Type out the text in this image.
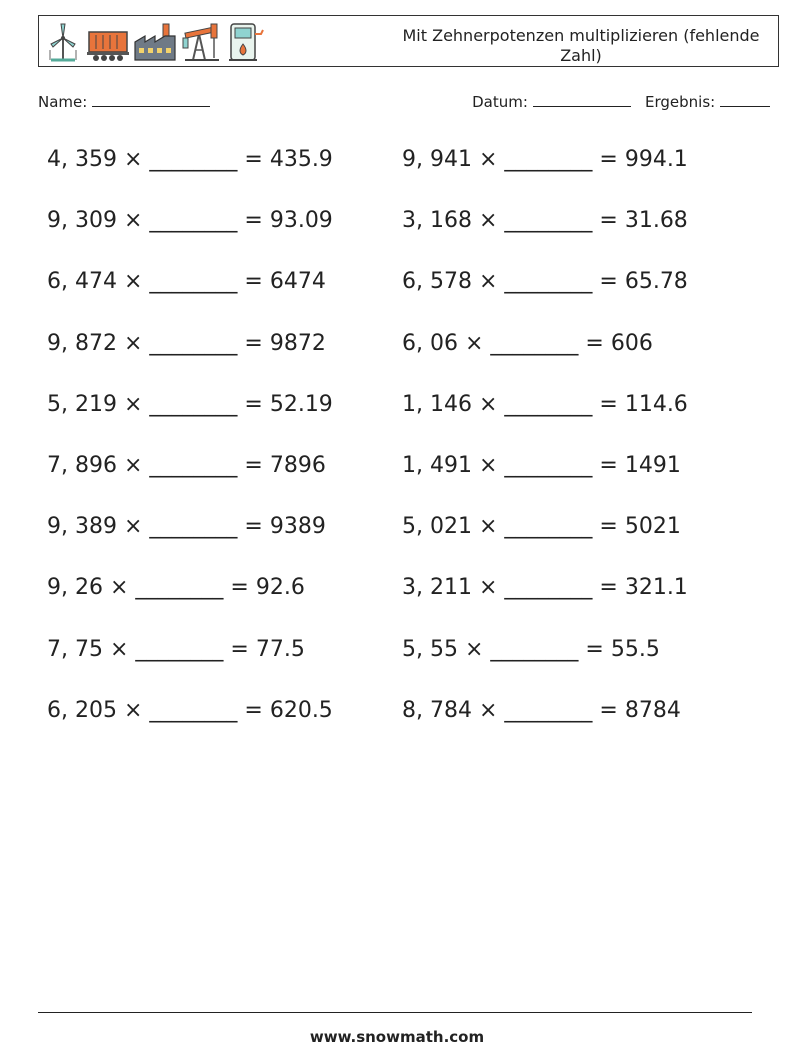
Mit Zehnerpotenzen multiplizieren (fehlende Zahl)
Name:	Datum:	Ergebnis:
4, 359 × ________ = 435.9	9, 941 × ________ = 994.1
9, 309 × ________ = 93.09	3, 168 × ________ = 31.68
6, 474 × ________ = 6474	6, 578 × ________ = 65.78
9, 872 × ________ = 9872	6, 06 × ________ = 606
5, 219 × ________ = 52.19	1, 146 × ________ = 114.6
7, 896 × ________ = 7896	1, 491 × ________ = 1491
9, 389 × ________ = 9389	5, 021 × ________ = 5021
9, 26 × ________ = 92.6	3, 211 × ________ = 321.1
7, 75 × ________ = 77.5	5, 55 × ________ = 55.5
6, 205 × ________ = 620.5	8, 784 × ________ = 8784
www.snowmath.com
